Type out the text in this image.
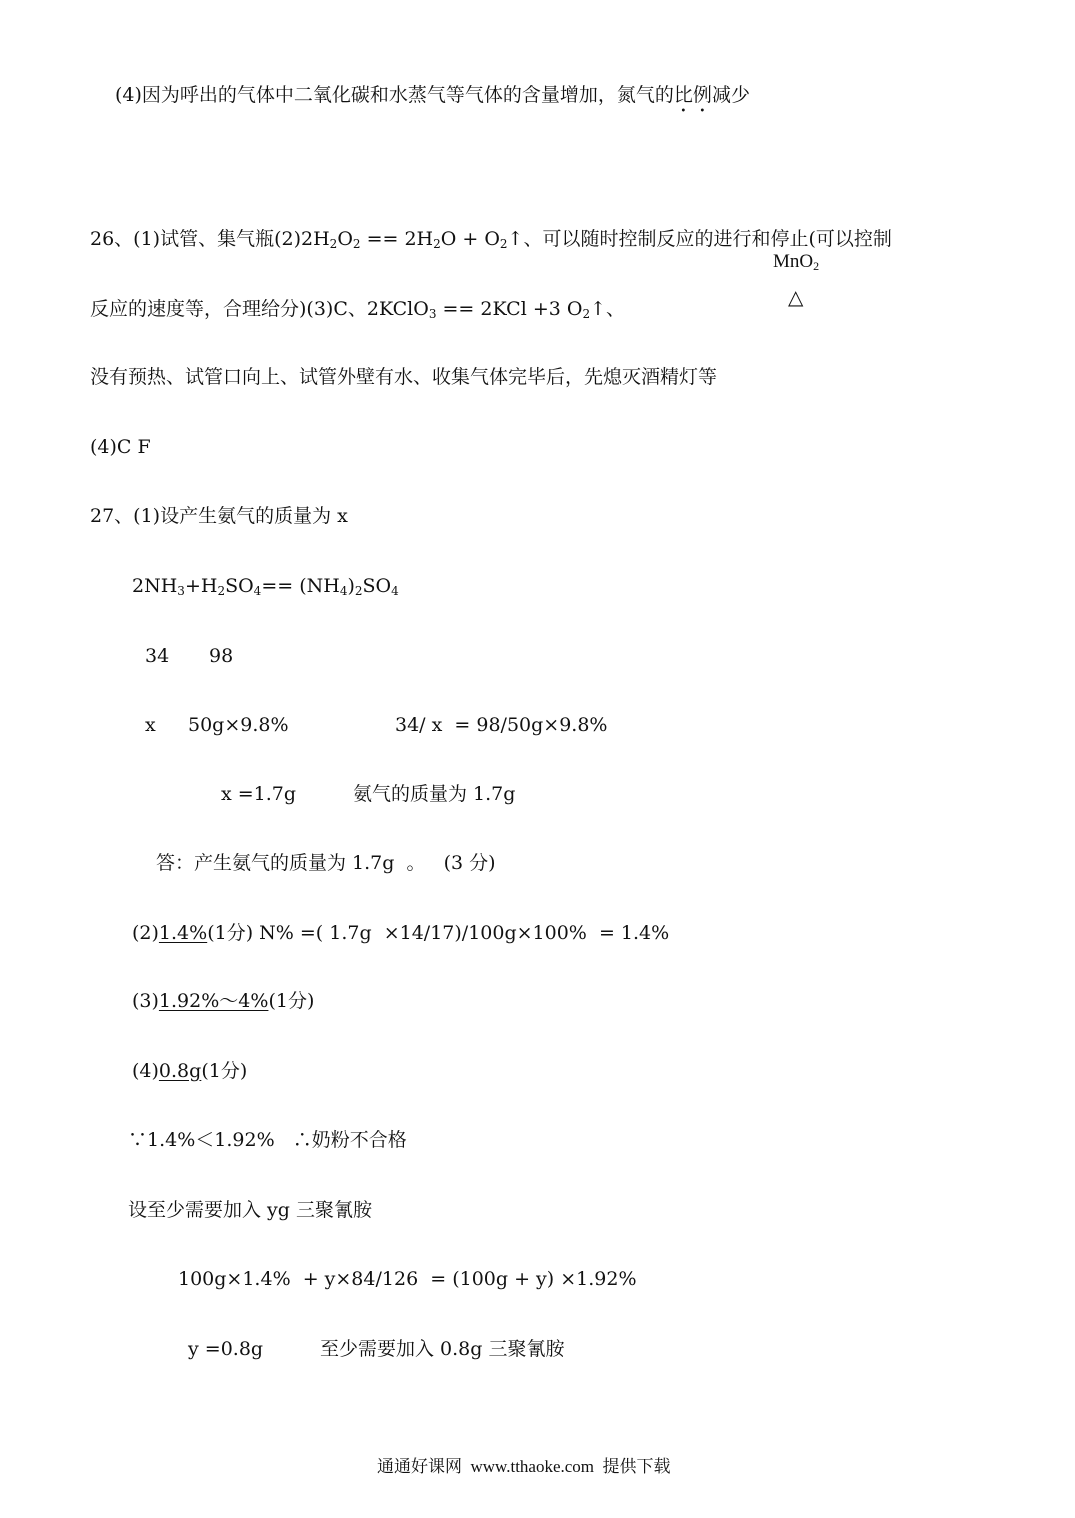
(4)因为呼出的气体中二氧化碳和水蒸气等气体的含量增加，氮气的比例减少
26、(1)试管、集气瓶$(2)2H_2O_2 == 2H_2O$ + $O_2↑$、可以随时控制反应的进行和停止(可以控制
MnO$_2$
△
反应的速度等，合理给分)(3)C、2KClO$_3$ == 2KCl +3 $O_2↑$、
没有预热、试管口向上、试管外壁有水、收集气体完毕后，先熄灭酒精灯等
(4)C F
27、(1)设产生氨气的质量为 x
$2NH_3+H_2SO_4== (NH_4)_2SO_4$
34 98
x 50g×9.8%	34/ x  = 98/50g×9.8%
x =1.7g	氨气的质量为 1.7g
答：产生氨气的质量为 1.7g  。   (3 分)
(2)1.4%(1分) N% =( 1.7g  ×14/17)/100g×100%  = 1.4%
(3)1.92%～4%(1分)
(4)0.8g(1分)
∵1.4%＜1.92%   ∴奶粉不合格
设至少需要加入 yg 三聚氰胺
100g×1.4%  + y×84/126  = (100g + y) ×1.92%
y =0.8g	至少需要加入 0.8g 三聚氰胺
通通好课网  www.tthaoke.com  提供下载
